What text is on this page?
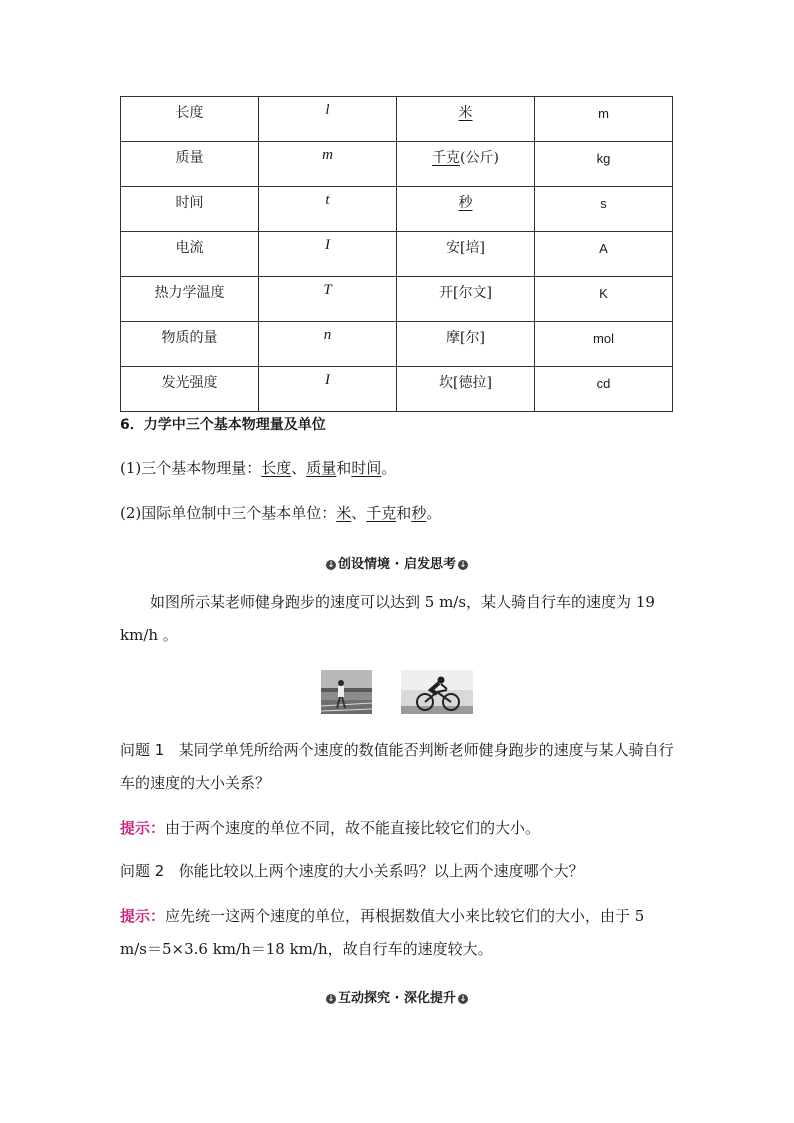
长度	l	米	m
质量	m	千克(公斤)	kg
时间	t	秒	s
电流	I	安[培]	A
热力学温度	T	开[尔文]	K
物质的量	n	摩[尔]	mol
发光强度	I	坎[德拉]	cd
6．力学中三个基本物理量及单位
(1)三个基本物理量：长度、质量和时间。
(2)国际单位制中三个基本单位：米、千克和秒。
↓ 创设情境 · 启发思考 ↓
如图所示某老师健身跑步的速度可以达到 5 m/s，某人骑自行车的速度为 19 km/h 。
问题 1 某同学单凭所给两个速度的数值能否判断老师健身跑步的速度与某人骑自行车的速度的大小关系？
提示：由于两个速度的单位不同，故不能直接比较它们的大小。
问题 2 你能比较以上两个速度的大小关系吗？以上两个速度哪个大？
提示：应先统一这两个速度的单位，再根据数值大小来比较它们的大小，由于 5 m/s＝5×3.6 km/h＝18 km/h，故自行车的速度较大。
↓ 互动探究 · 深化提升 ↓
